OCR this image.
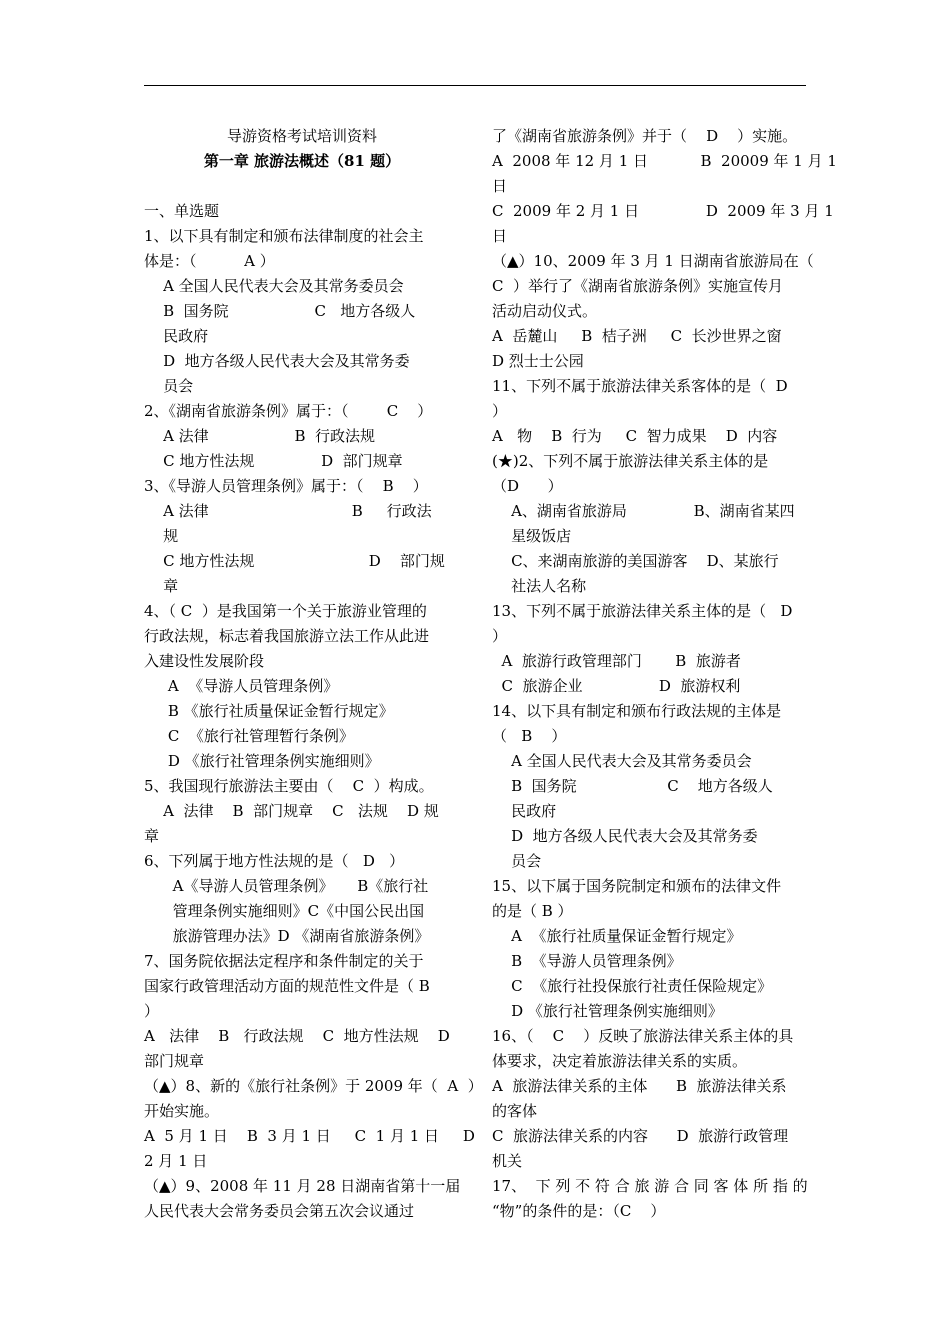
导游资格考试培训资料
第一章 旅游法概述（81 题）
一、单选题
1、以下具有制定和颁布法律制度的社会主
体是：（          A ）
A 全国人民代表大会及其常务委员会
B  国务院                  C   地方各级人
民政府
D  地方各级人民代表大会及其常务委
员会
2、《湖南省旅游条例》属于：（        C    ）
A 法律                  B  行政法规
C 地方性法规              D  部门规章
3、《导游人员管理条例》属于：（    B    ）
A 法律                              B     行政法
规
C 地方性法规                        D    部门规
章
4、（ C  ）是我国第一个关于旅游业管理的
行政法规，标志着我国旅游立法工作从此进
入建设性发展阶段
A  《导游人员管理条例》
B 《旅行社质量保证金暂行规定》
C  《旅行社管理暂行条例》
D 《旅行社管理条例实施细则》
5、我国现行旅游法主要由（    C  ）构成。
A  法律    B  部门规章    C   法规    D 规
章
6、下列属于地方性法规的是（   D   ）
A《导游人员管理条例》     B《旅行社
管理条例实施细则》C《中国公民出国
旅游管理办法》D 《湖南省旅游条例》
7、国务院依据法定程序和条件制定的关于
国家行政管理活动方面的规范性文件是（ B
）
A   法律    B   行政法规    C  地方性法规    D
部门规章
（▲）8、新的《旅行社条例》于 2009 年（  A  ）
开始实施。
A  5 月 1 日    B  3 月 1 日     C  1 月 1 日     D
2 月 1 日
（▲）9、2008 年 11 月 28 日湖南省第十一届
人民代表大会常务委员会第五次会议通过
了《湖南省旅游条例》并于（    D    ）实施。
A  2008 年 12 月 1 日           B  20009 年 1 月 1
日
C  2009 年 2 月 1 日              D  2009 年 3 月 1
日
（▲）10、2009 年 3 月 1 日湖南省旅游局在（
C  ）举行了《湖南省旅游条例》实施宣传月
活动启动仪式。
A  岳麓山     B  桔子洲     C  长沙世界之窗
D 烈士士公园
11、下列不属于旅游法律关系客体的是（  D
）
A   物    B  行为     C  智力成果    D  内容
(★)2、下列不属于旅游法律关系主体的是
（D      ）
A、湖南省旅游局              B、湖南省某四
星级饭店
C、来湖南旅游的美国游客    D、某旅行
社法人名称
13、下列不属于旅游法律关系主体的是（   D
）
A  旅游行政管理部门       B  旅游者
C  旅游企业                D  旅游权利
14、以下具有制定和颁布行政法规的主体是
（   B    ）
A 全国人民代表大会及其常务委员会
B  国务院                   C    地方各级人
民政府
D  地方各级人民代表大会及其常务委
员会
15、以下属于国务院制定和颁布的法律文件
的是（ B ）
A  《旅行社质量保证金暂行规定》
B  《导游人员管理条例》
C  《旅行社投保旅行社责任保险规定》
D 《旅行社管理条例实施细则》
16、（    C    ）反映了旅游法律关系主体的具
体要求，决定着旅游法律关系的实质。
A  旅游法律关系的主体      B  旅游法律关系
的客体
C  旅游法律关系的内容      D  旅游行政管理
机关
17、  下 列 不 符 合 旅 游 合 同 客 体 所 指 的
“物”的条件的是：（C    ）
